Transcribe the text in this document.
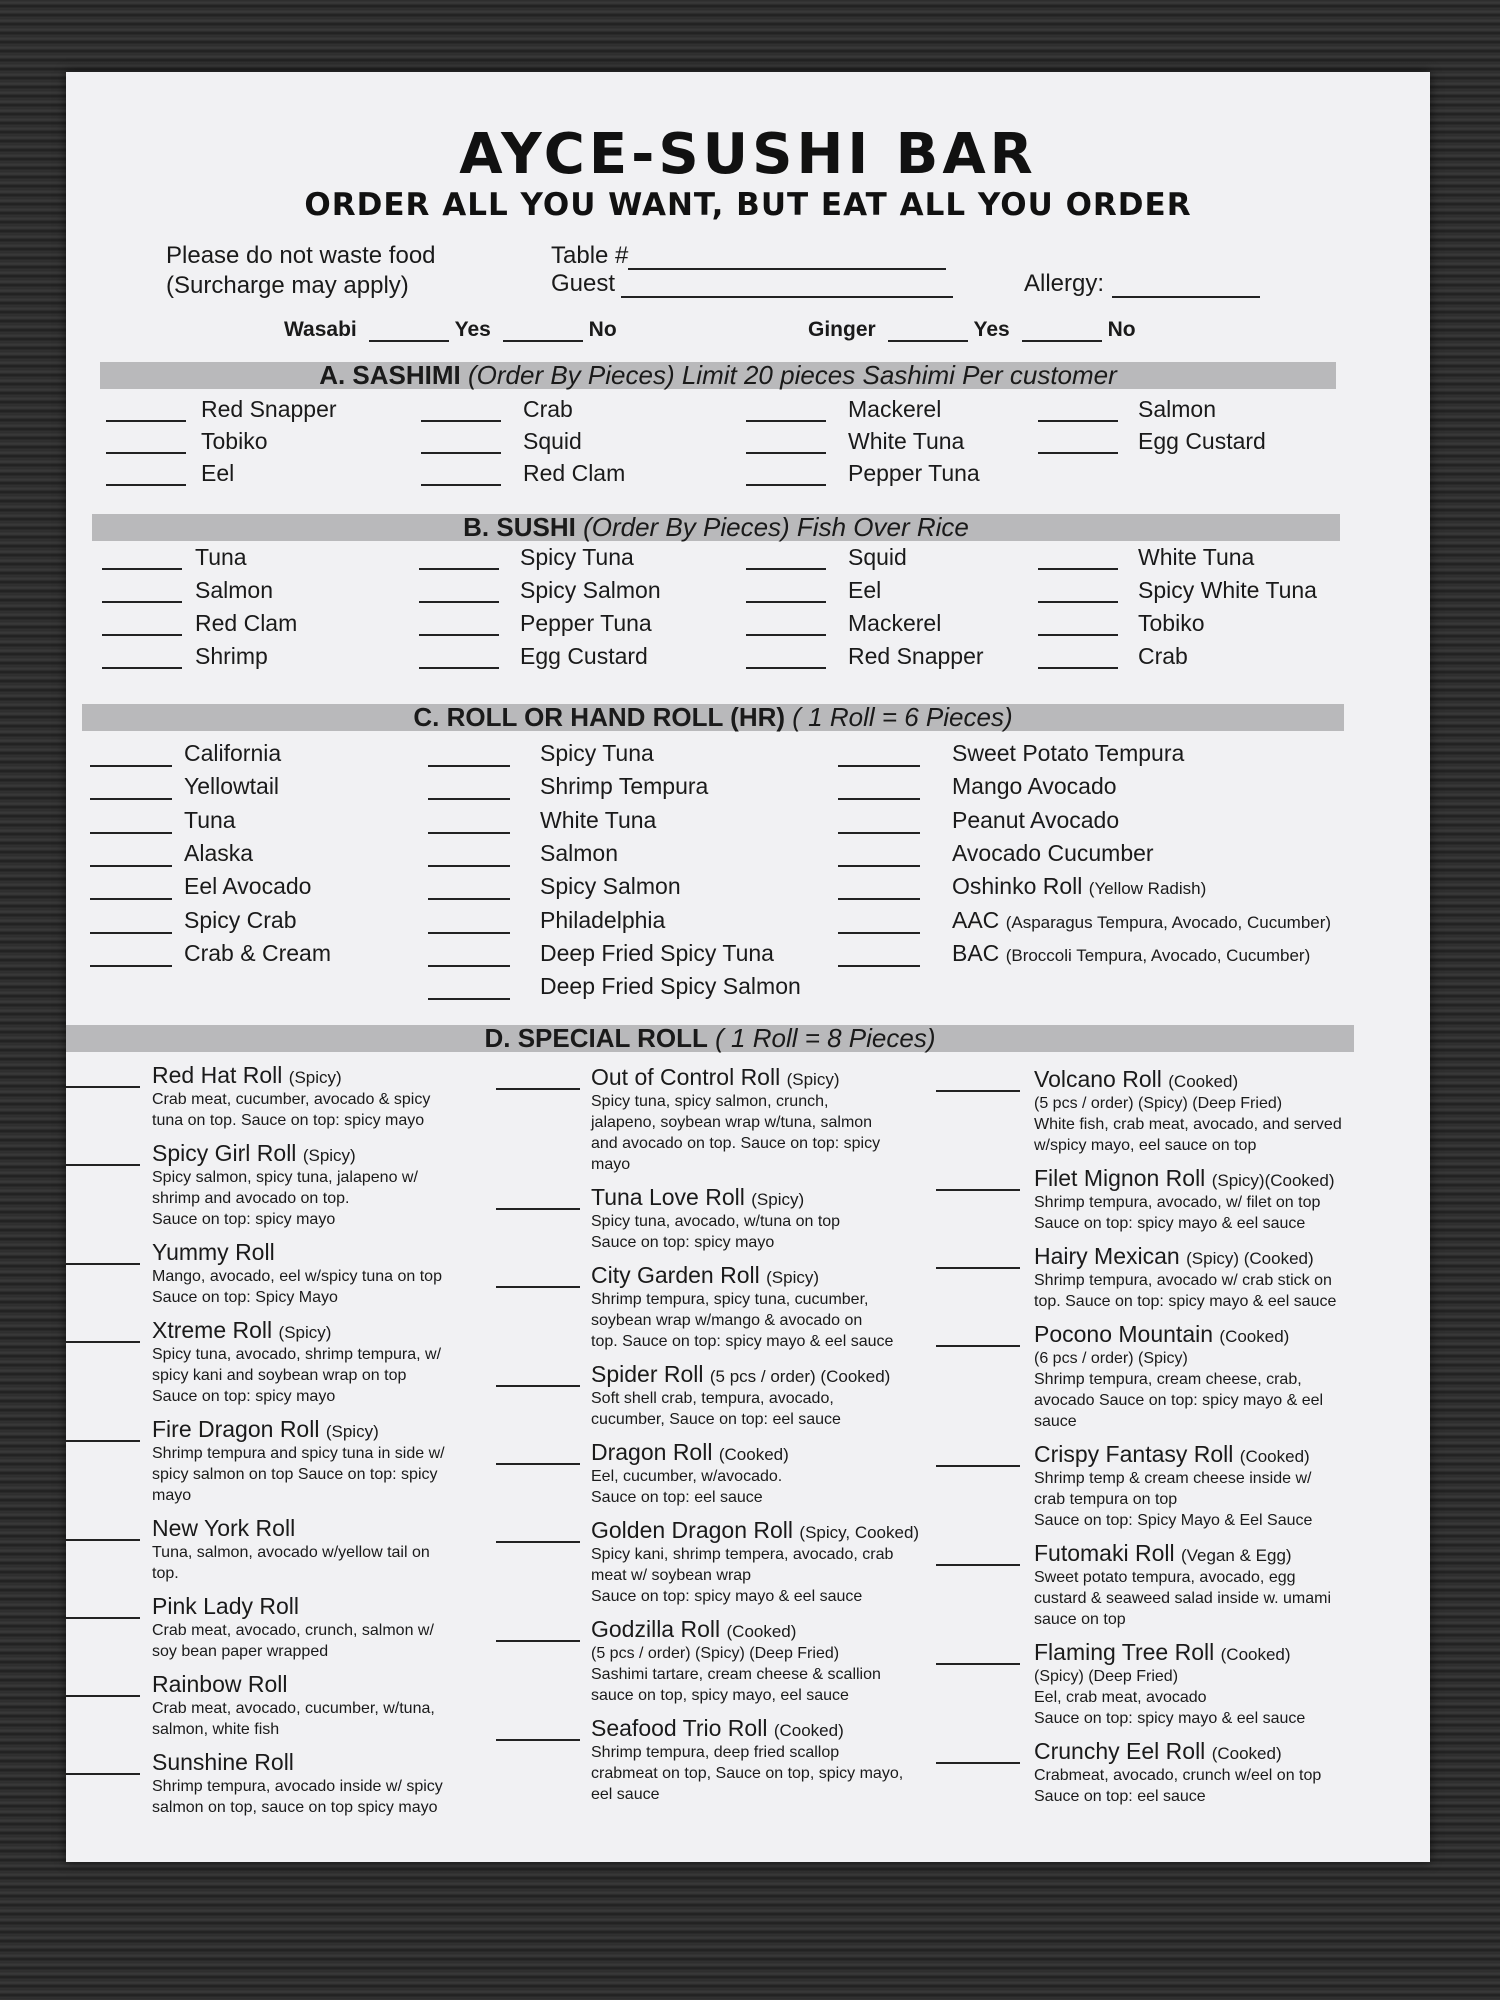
AYCE-SUSHI BAR
ORDER ALL YOU WANT, BUT EAT ALL YOU ORDER
Please do not waste food
(Surcharge may apply)
Table #
Guest	Allergy:
Wasabi	Yes	No	Ginger	Yes	No
A. SASHIMI (Order By Pieces) Limit 20 pieces Sashimi Per customer
Red Snapper
Tobiko
Eel
Crab
Squid
Red Clam
Mackerel
White Tuna
Pepper Tuna
Salmon
Egg Custard
B. SUSHI (Order By Pieces) Fish Over Rice
Tuna
Salmon
Red Clam
Shrimp
Spicy Tuna
Spicy Salmon
Pepper Tuna
Egg Custard
Squid
Eel
Mackerel
Red Snapper
White Tuna
Spicy White Tuna
Tobiko
Crab
C. ROLL OR HAND ROLL (HR) ( 1 Roll = 6 Pieces)
California
Yellowtail
Tuna
Alaska
Eel Avocado
Spicy Crab
Crab & Cream
Spicy Tuna
Shrimp Tempura
White Tuna
Salmon
Spicy Salmon
Philadelphia
Deep Fried Spicy Tuna
Deep Fried Spicy Salmon
Sweet Potato Tempura
Mango Avocado
Peanut Avocado
Avocado Cucumber
Oshinko Roll (Yellow Radish)
AAC (Asparagus Tempura, Avocado, Cucumber)
BAC (Broccoli Tempura, Avocado, Cucumber)
D. SPECIAL ROLL ( 1 Roll = 8 Pieces)
Red Hat Roll (Spicy)
Crab meat, cucumber, avocado & spicy
tuna on top. Sauce on top: spicy mayo
Spicy Girl Roll (Spicy)
Spicy salmon, spicy tuna, jalapeno w/
shrimp and avocado on top.
Sauce on top: spicy mayo
Yummy Roll
Mango, avocado, eel w/spicy tuna on top
Sauce on top: Spicy Mayo
Xtreme Roll (Spicy)
Spicy tuna, avocado, shrimp tempura, w/
spicy kani and soybean wrap on top
Sauce on top: spicy mayo
Fire Dragon Roll (Spicy)
Shrimp tempura and spicy tuna in side w/
spicy salmon on top Sauce on top: spicy
mayo
New York Roll
Tuna, salmon, avocado w/yellow tail on
top.
Pink Lady Roll
Crab meat, avocado, crunch, salmon w/
soy bean paper wrapped
Rainbow Roll
Crab meat, avocado, cucumber, w/tuna,
salmon, white fish
Sunshine Roll
Shrimp tempura, avocado inside w/ spicy
salmon on top, sauce on top spicy mayo
Out of Control Roll (Spicy)
Spicy tuna, spicy salmon, crunch,
jalapeno, soybean wrap w/tuna, salmon
and avocado on top. Sauce on top: spicy
mayo
Tuna Love Roll (Spicy)
Spicy tuna, avocado, w/tuna on top
Sauce on top: spicy mayo
City Garden Roll (Spicy)
Shrimp tempura, spicy tuna, cucumber,
soybean wrap w/mango & avocado on
top. Sauce on top: spicy mayo & eel sauce
Spider Roll (5 pcs / order) (Cooked)
Soft shell crab, tempura, avocado,
cucumber, Sauce on top: eel sauce
Dragon Roll (Cooked)
Eel, cucumber, w/avocado.
Sauce on top: eel sauce
Golden Dragon Roll (Spicy, Cooked)
Spicy kani, shrimp tempera, avocado, crab
meat w/ soybean wrap
Sauce on top: spicy mayo & eel sauce
Godzilla Roll (Cooked)
(5 pcs / order) (Spicy) (Deep Fried)
Sashimi tartare, cream cheese & scallion
sauce on top, spicy mayo, eel sauce
Seafood Trio Roll (Cooked)
Shrimp tempura, deep fried scallop
crabmeat on top, Sauce on top, spicy mayo,
eel sauce
Volcano Roll (Cooked)
(5 pcs / order) (Spicy) (Deep Fried)
White fish, crab meat, avocado, and served
w/spicy mayo, eel sauce on top
Filet Mignon Roll (Spicy)(Cooked)
Shrimp tempura, avocado, w/ filet on top
Sauce on top: spicy mayo & eel sauce
Hairy Mexican (Spicy) (Cooked)
Shrimp tempura, avocado w/ crab stick on
top. Sauce on top: spicy mayo & eel sauce
Pocono Mountain (Cooked)
(6 pcs / order) (Spicy)
Shrimp tempura, cream cheese, crab,
avocado Sauce on top: spicy mayo & eel
sauce
Crispy Fantasy Roll (Cooked)
Shrimp temp & cream cheese inside w/
crab tempura on top
Sauce on top: Spicy Mayo & Eel Sauce
Futomaki Roll (Vegan & Egg)
Sweet potato tempura, avocado, egg
custard & seaweed salad inside w. umami
sauce on top
Flaming Tree Roll (Cooked)
(Spicy) (Deep Fried)
Eel, crab meat, avocado
Sauce on top: spicy mayo & eel sauce
Crunchy Eel Roll (Cooked)
Crabmeat, avocado, crunch w/eel on top
Sauce on top: eel sauce
